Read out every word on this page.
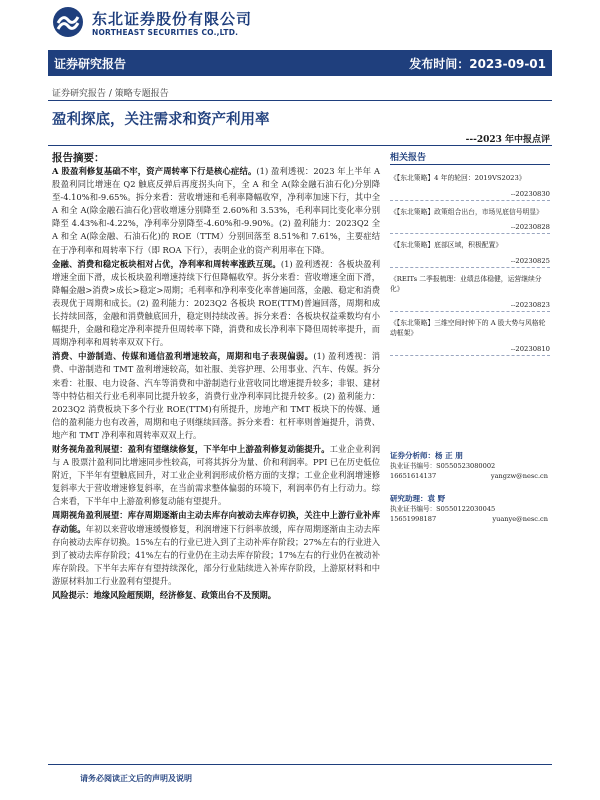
东北证券股份有限公司
NORTHEAST SECURITIES CO.,LTD.
证券研究报告	发布时间：2023-09-01
证券研究报告 / 策略专题报告
盈利探底，关注需求和资产利用率
---2023 年中报点评
报告摘要：

A 股盈利修复基础不牢，资产周转率下行是核心症结。(1) 盈利透视：2023 年上半年 A 股盈利同比增速在 Q2 触底反弹后再度拐头向下，全 A 和全 A(除金融石油石化)分别降至-4.10%和-9.65%。拆分来看：营收增速和毛利率降幅收窄，净利率加速下行，其中全 A 和全 A(除金融石油石化)营收增速分别降至 2.60%和 3.53%，毛利率同比变化率分别降至 4.43%和-4.22%，净利率分别降至-4.60%和-9.90%。(2) 盈利能力：2023Q2 全 A 和全 A(除金融、石油石化)的 ROE（TTM）分别回落至 8.51%和 7.61%，主要症结在于净利率和周转率下行（即 ROA 下行），表明企业的资产利用率在下降。

金融、消费和稳定板块相对占优，净利率和周转率涨跌互现。(1) 盈利透视：各板块盈利增速全面下滑，成长板块盈利增速持续下行但降幅收窄。拆分来看：营收增速全面下滑，降幅金融>消费>成长>稳定>周期；毛利率和净利率变化率普遍回落，金融、稳定和消费表现优于周期和成长。(2) 盈利能力：2023Q2 各板块 ROE(TTM)普遍回落，周期和成长持续回落，金融和消费触底回升，稳定则持续改善。拆分来看：各板块权益乘数均有小幅提升，金融和稳定净利率提升但周转率下降，消费和成长净利率下降但周转率提升，而周期净利率和周转率双双下行。

消费、中游制造、传媒和通信盈利增速较高，周期和电子表现偏弱。(1) 盈利透视：消费、中游制造和 TMT 盈利增速较高，如社服、美容护理、公用事业、汽车、传媒。拆分来看：社服、电力设备、汽车等消费和中游制造行业营收同比增速提升较多；非银、建材等中特估相关行业毛利率同比提升较多，消费行业净利率同比提升较多。(2) 盈利能力：2023Q2 消费板块下多个行业 ROE(TTM)有所提升，房地产和 TMT 板块下的传媒、通信的盈利能力也有改善，周期和电子则继续回落。拆分来看：杠杆率则普遍提升，消费、地产和 TMT 净利率和周转率双双上行。

财务视角盈利展望：盈利有望继续修复，下半年中上游盈利修复动能提升。工业企业利润与 A 股票汁盈利同比增速同步性较高，可将其拆分为量、价和利润率。PPI 已在历史低位附近，下半年有望触底回升，对工业企业利润形成价格方面的支撑；工业企业利润增速修复斜率大于营收增速修复斜率，在当前需求整体偏弱的环境下，利润率仍有上行动力。综合来看，下半年中上游盈利修复动能有望提升。

周期视角盈利展望：库存周期逐渐由主动去库存向被动去库存切换，关注中上游行业补库存动能。年初以来营收增速缓慢修复，利润增速下行斜率放缓，库存周期逐渐由主动去库存向被动去库存切换。15%左右的行业已进入到了主动补库存阶段；27%左右的行业进入到了被动去库存阶段；41%左右的行业仍在主动去库存阶段；17%左右的行业仍在被动补库存阶段。下半年去库存有望持续深化，部分行业陆续进入补库存阶段，上游原材料和中游原材料加工行业盈利有望提升。

风险提示：地缘风险超预期，经济修复、政策出台不及预期。

相关报告
《【东北策略】4 年的轮回：2019VS2023》
--20230830
《【东北策略】政策组合出台，市场见底信号明显》
--20230828
《【东北策略】底部区域，积极配置》
--20230825
《REITs 二季报梳理：业绩总体稳健，运营继续分化》
--20230823
《【东北策略】三维空间时钟下的 A 股大势与风格轮动框架》
--20230810
证券分析师：杨 正 朋
执业证书编号：S0550523080002
16651614137	yangzw@nesc.cn
研究助理：袁 野
执业证书编号：S0550122030045
15651998187	yuanye@nesc.cn
请务必阅读正文后的声明及说明
